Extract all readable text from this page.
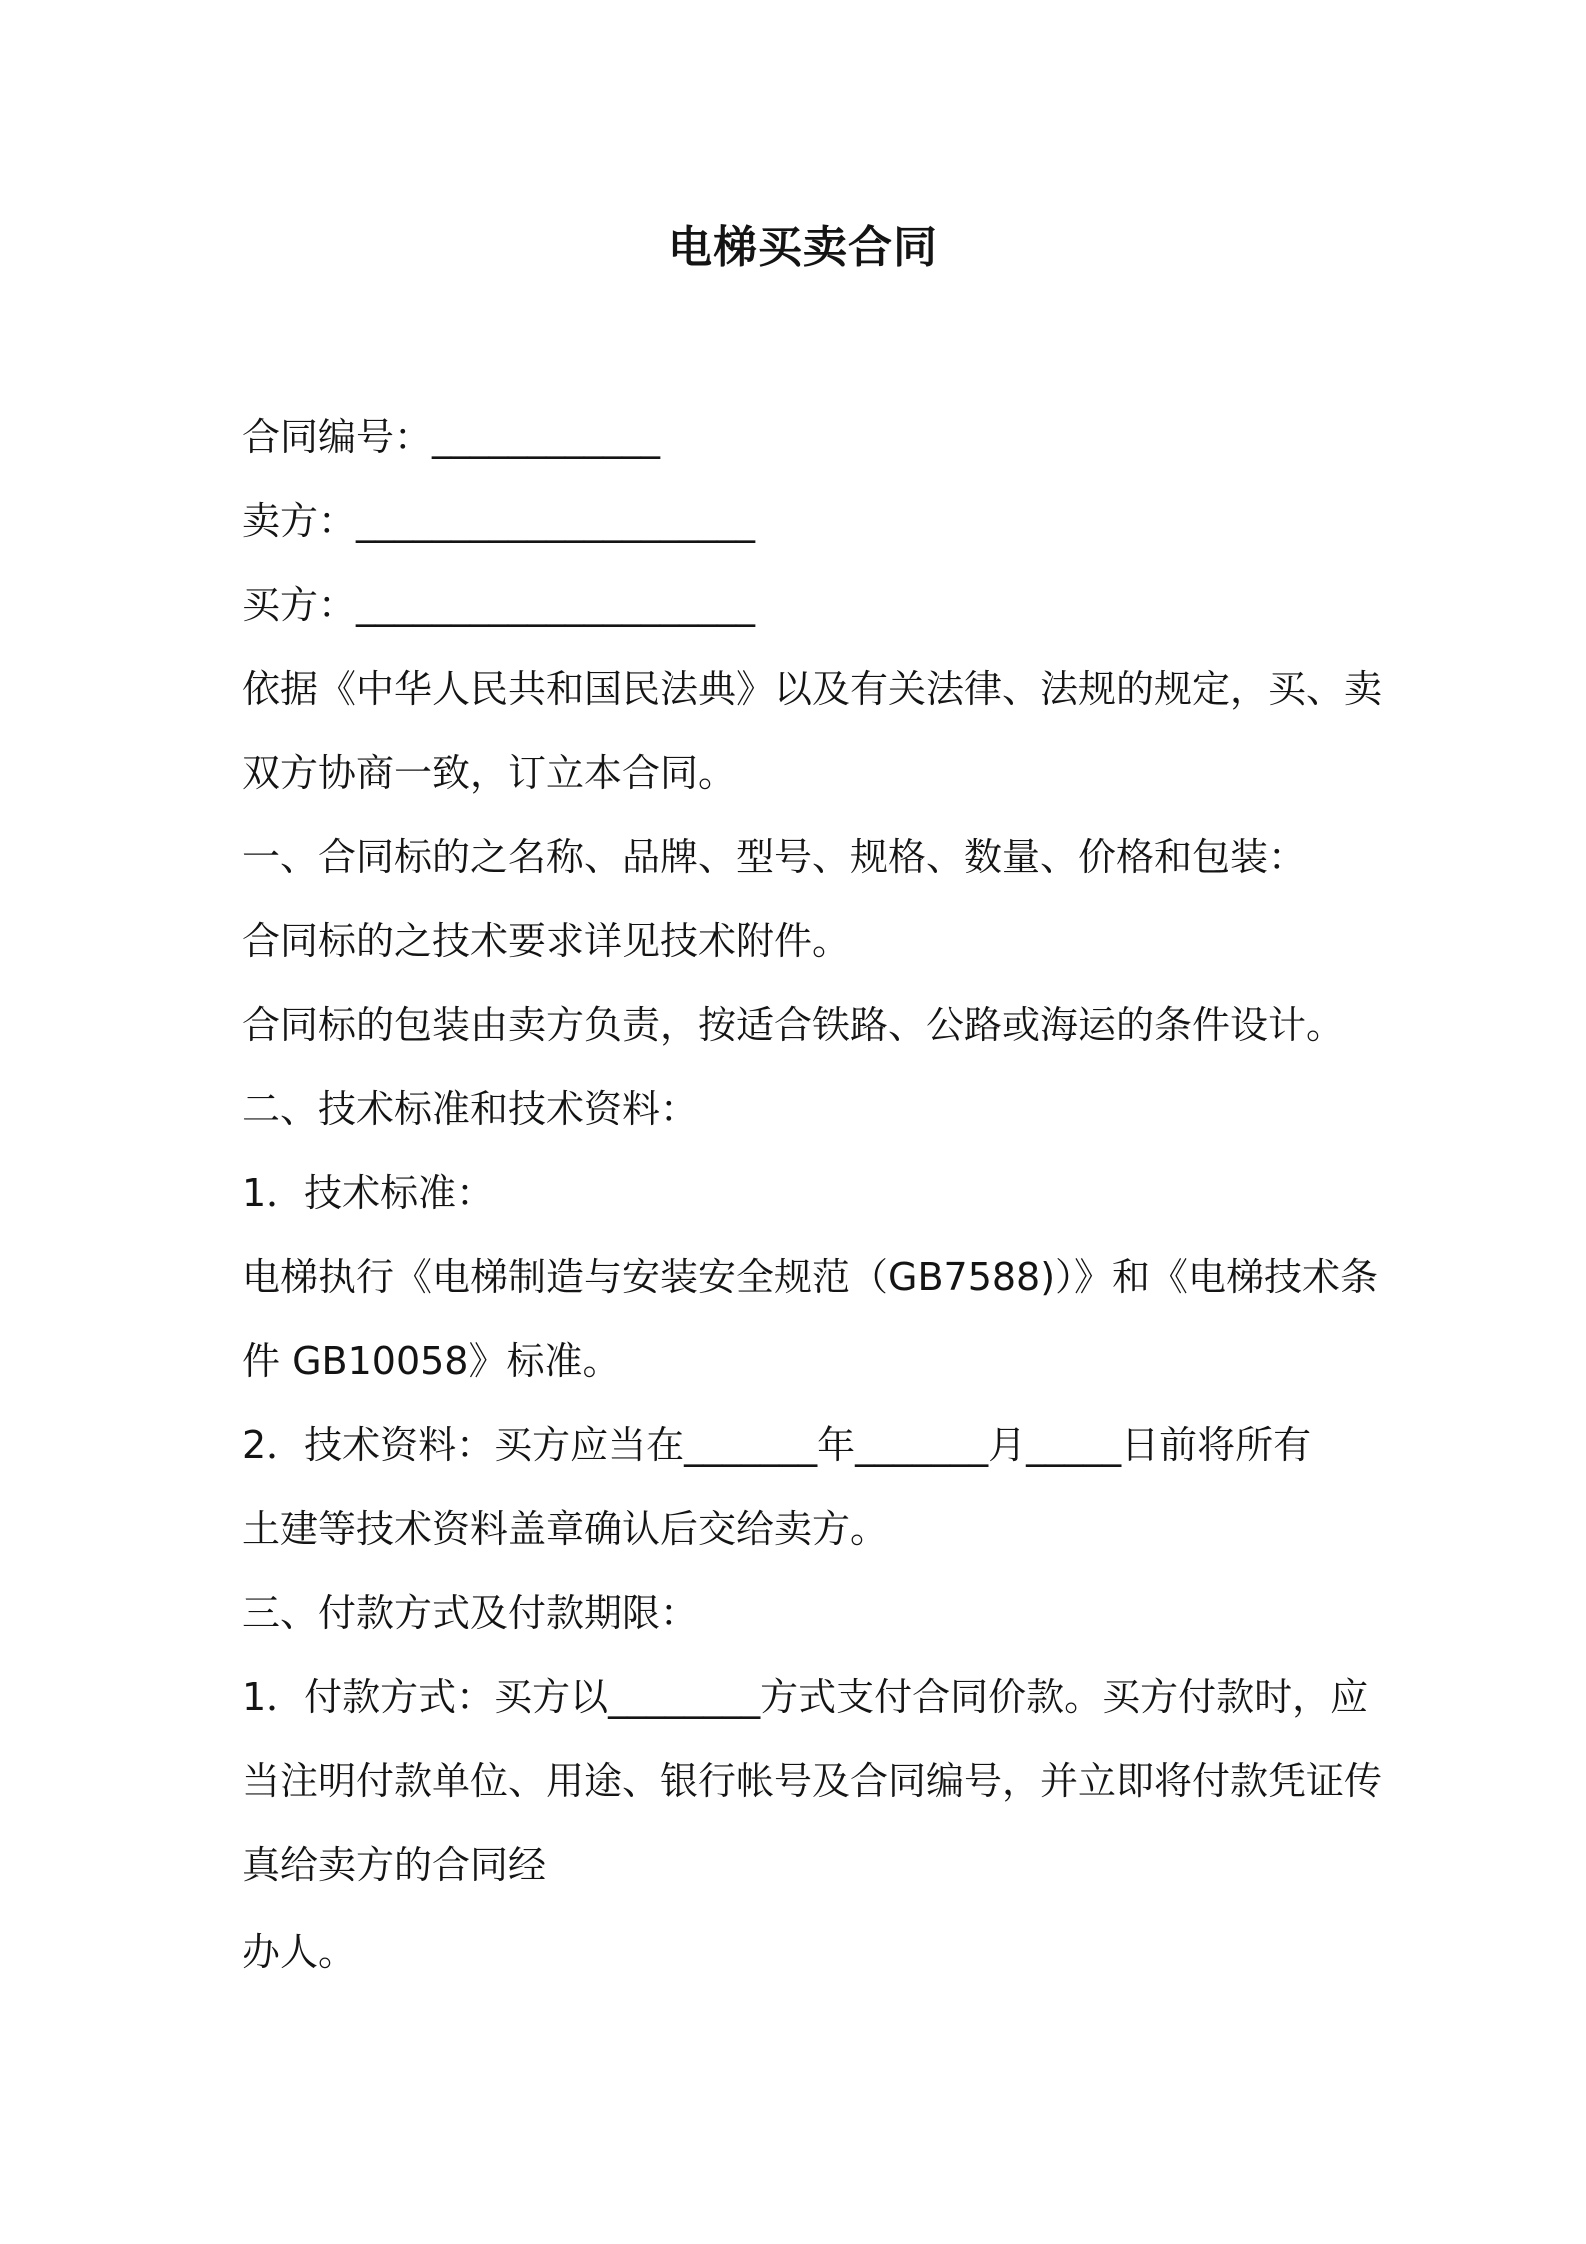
电梯买卖合同
合同编号：____________
卖方：_____________________
买方：_____________________
依据《中华人民共和国民法典》以及有关法律、法规的规定，买、卖
双方协商一致，订立本合同。
一、合同标的之名称、品牌、型号、规格、数量、价格和包装：
合同标的之技术要求详见技术附件。
合同标的包装由卖方负责，按适合铁路、公路或海运的条件设计。
二、技术标准和技术资料：
1．技术标准：
电梯执行《电梯制造与安装安全规范（GB7588)）》和《电梯技术条
件 GB10058》标准。
2．技术资料：买方应当在_______年_______月_____日前将所有
土建等技术资料盖章确认后交给卖方。
三、付款方式及付款期限：
1．付款方式：买方以________方式支付合同价款。买方付款时，应
当注明付款单位、用途、银行帐号及合同编号，并立即将付款凭证传
真给卖方的合同经
办人。
